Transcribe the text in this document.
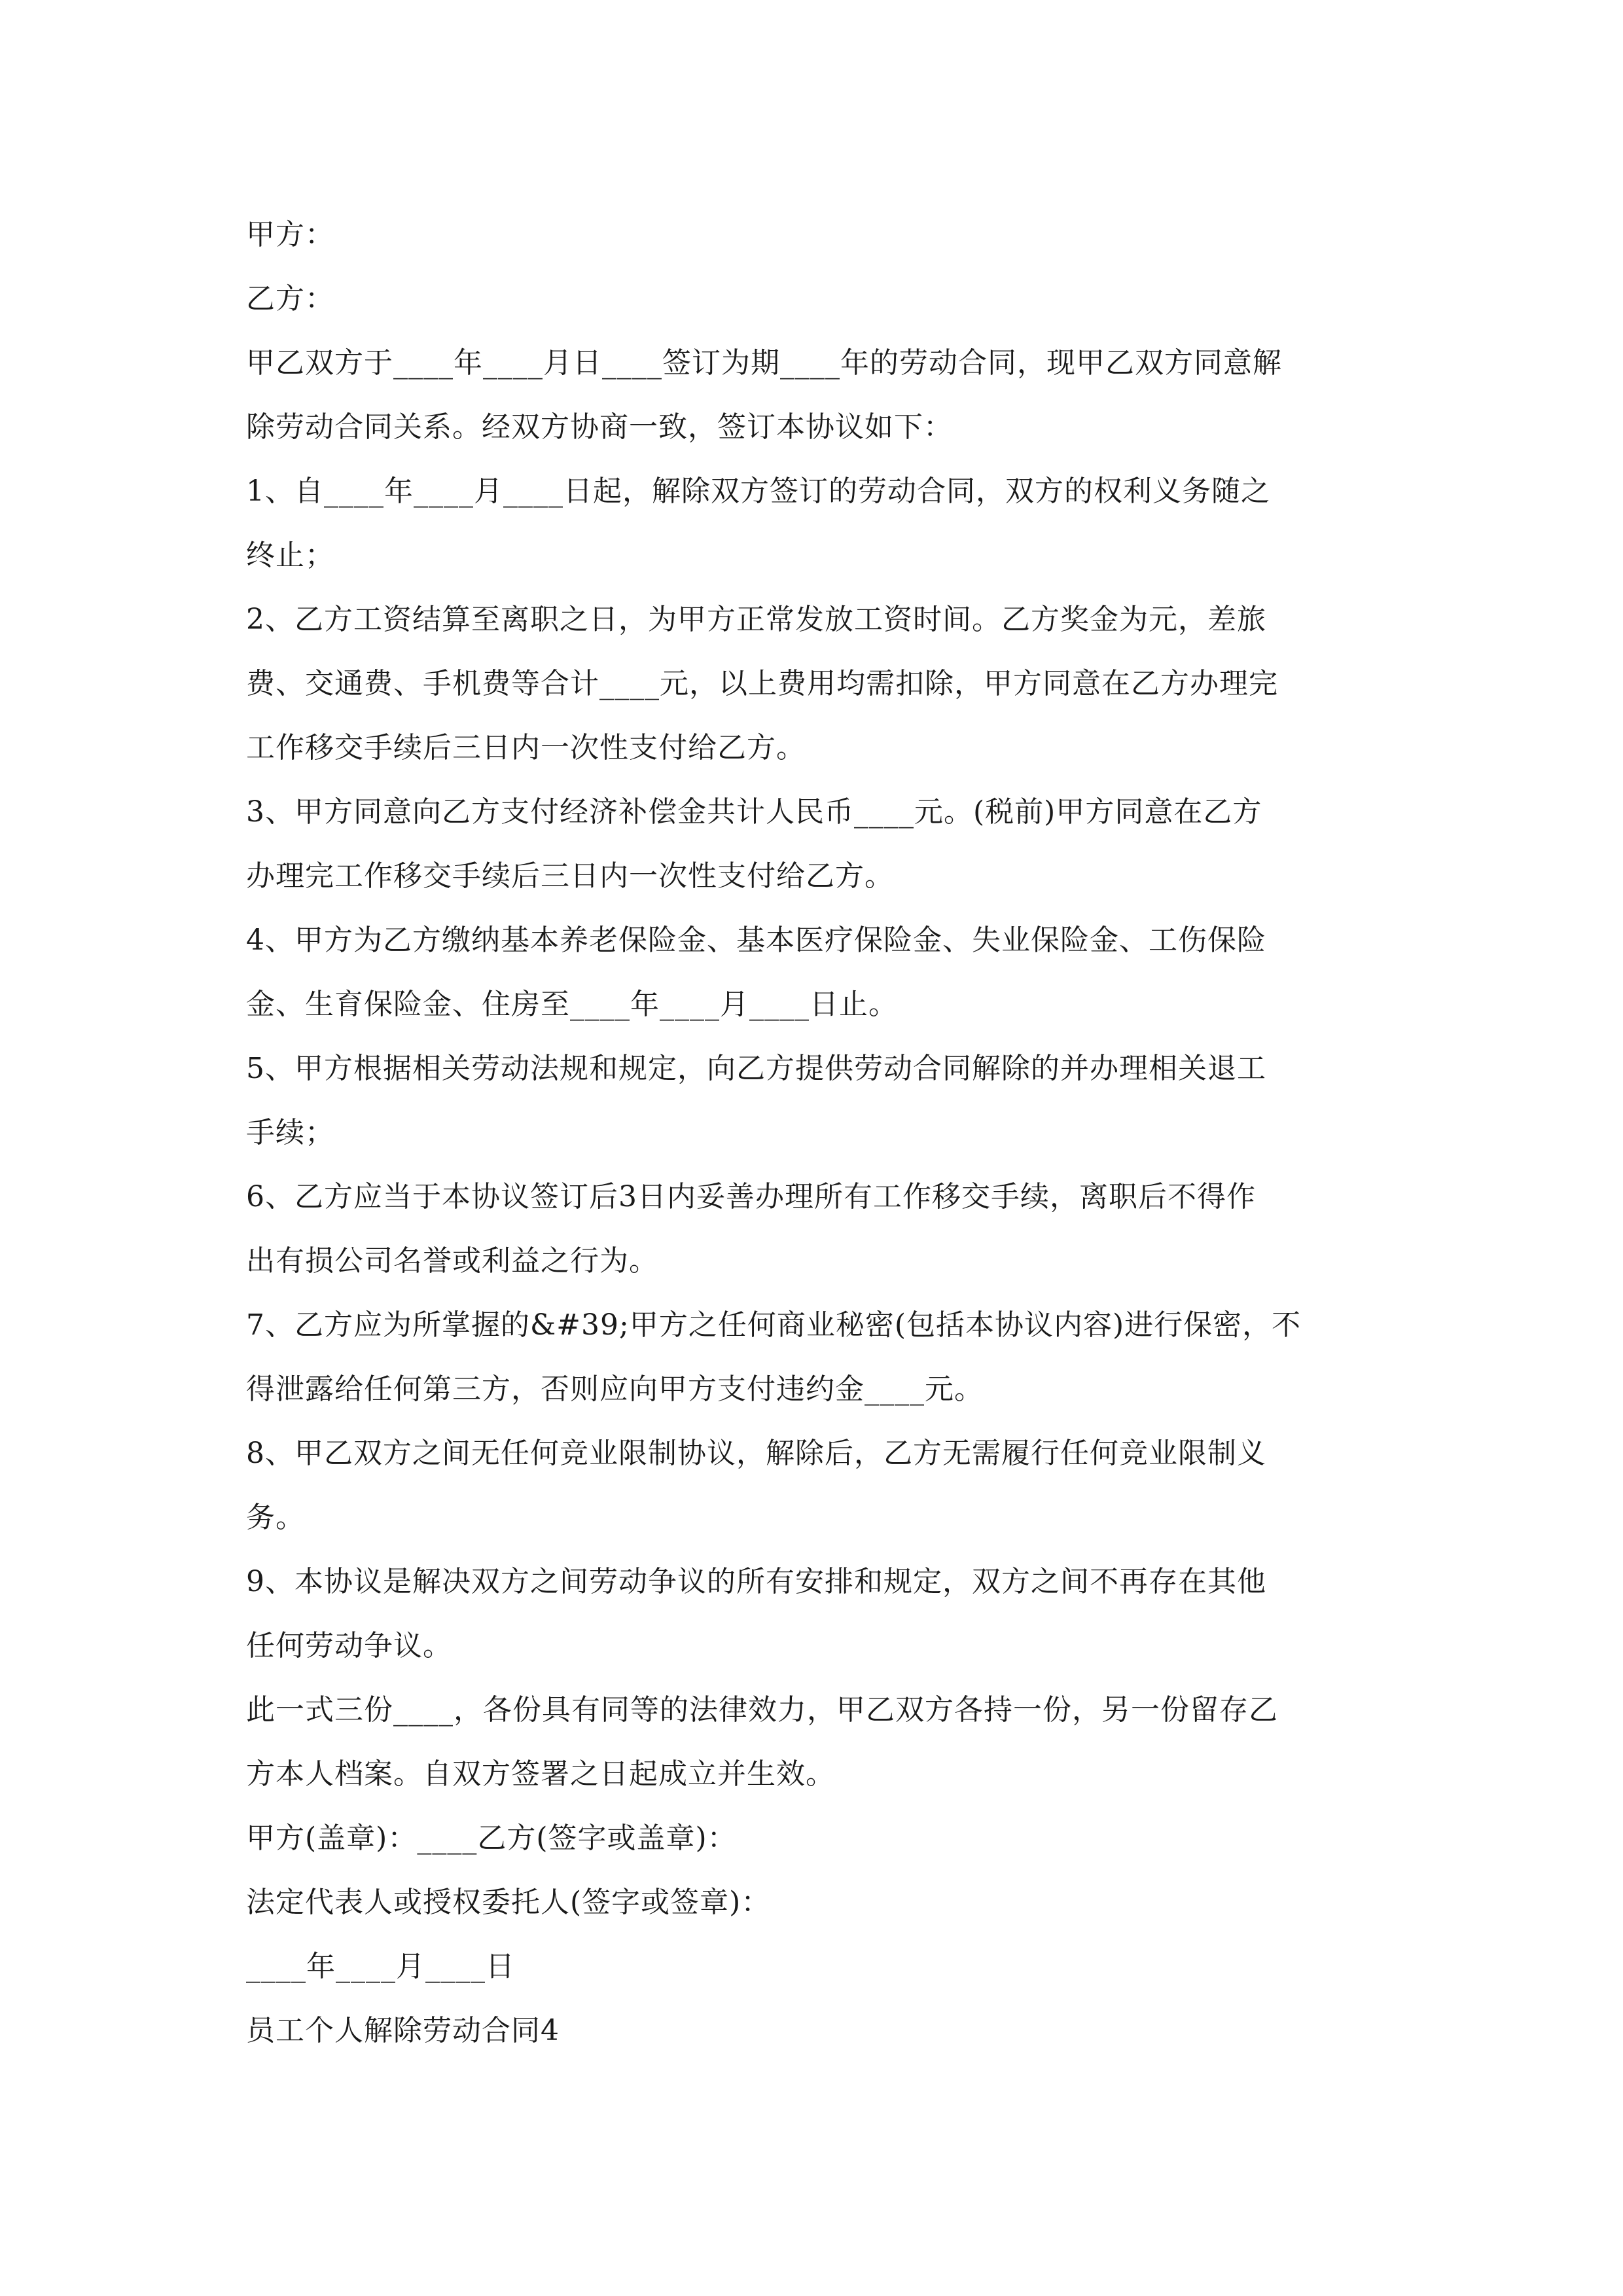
甲方：
乙方：
甲乙双方于____年____月日____签订为期____年的劳动合同，现甲乙双方同意解
除劳动合同关系。经双方协商一致，签订本协议如下：
1、自____年____月____日起，解除双方签订的劳动合同，双方的权利义务随之
终止；
2、乙方工资结算至离职之日，为甲方正常发放工资时间。乙方奖金为元，差旅
费、交通费、手机费等合计____元，以上费用均需扣除，甲方同意在乙方办理完
工作移交手续后三日内一次性支付给乙方。
3、甲方同意向乙方支付经济补偿金共计人民币____元。(税前)甲方同意在乙方
办理完工作移交手续后三日内一次性支付给乙方。
4、甲方为乙方缴纳基本养老保险金、基本医疗保险金、失业保险金、工伤保险
金、生育保险金、住房至____年____月____日止。
5、甲方根据相关劳动法规和规定，向乙方提供劳动合同解除的并办理相关退工
手续；
6、乙方应当于本协议签订后3日内妥善办理所有工作移交手续，离职后不得作
出有损公司名誉或利益之行为。
7、乙方应为所掌握的&#39;甲方之任何商业秘密(包括本协议内容)进行保密，不
得泄露给任何第三方，否则应向甲方支付违约金____元。
8、甲乙双方之间无任何竞业限制协议，解除后，乙方无需履行任何竞业限制义
务。
9、本协议是解决双方之间劳动争议的所有安排和规定，双方之间不再存在其他
任何劳动争议。
此一式三份____，各份具有同等的法律效力，甲乙双方各持一份，另一份留存乙
方本人档案。自双方签署之日起成立并生效。
甲方(盖章)：____乙方(签字或盖章)：
法定代表人或授权委托人(签字或签章)：
____年____月____日
员工个人解除劳动合同4
